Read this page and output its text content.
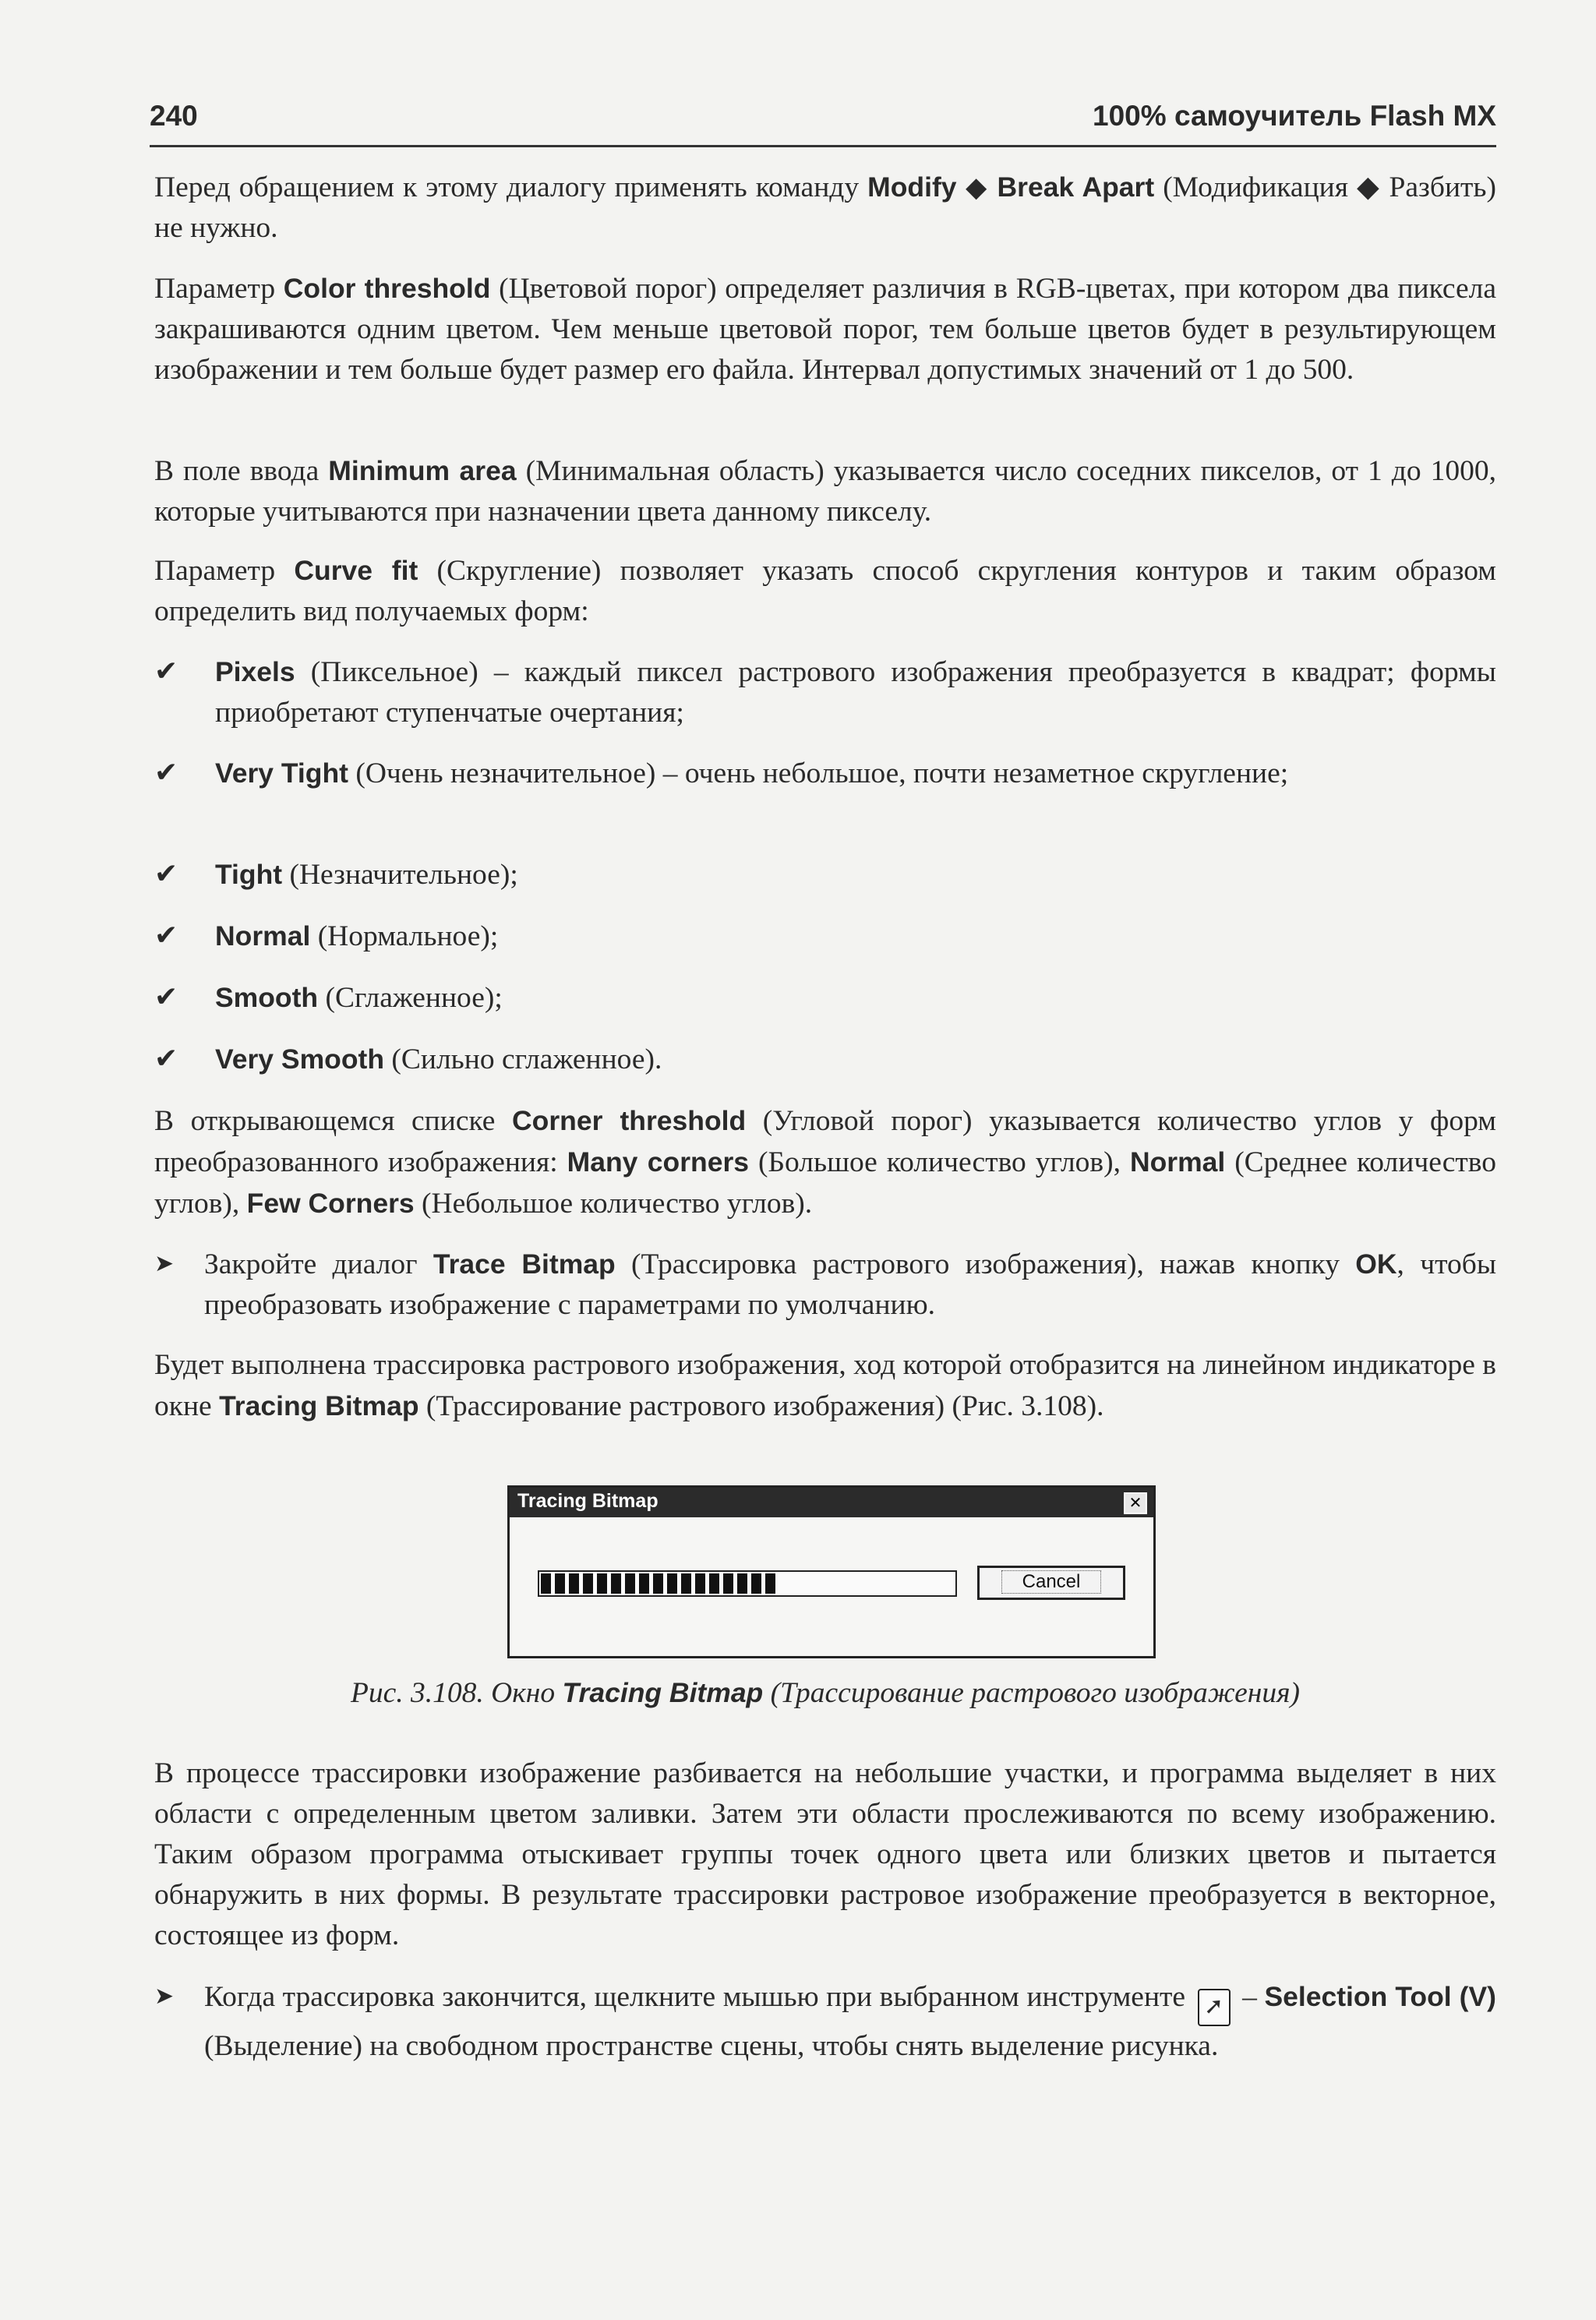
240	100% самоучитель Flash MX

Перед обращением к этому диалогу применять команду Modify ◆ Break Apart (Модификация ◆ Разбить) не нужно.

Параметр Color threshold (Цветовой порог) определяет различия в RGB-цветах, при котором два пиксела закрашиваются одним цветом. Чем меньше цветовой порог, тем больше цветов будет в результирующем изображении и тем больше будет размер его файла. Интервал допустимых значений от 1 до 500.

В поле ввода Minimum area (Минимальная область) указывается число соседних пикселов, от 1 до 1000, которые учитываются при назначении цвета данному пикселу.

Параметр Curve fit (Скругление) позволяет указать способ скругления контуров и таким образом определить вид получаемых форм:

✔	Pixels (Пиксельное) – каждый пиксел растрового изображения преобразуется в квадрат; формы приобретают ступенчатые очертания;
✔	Very Tight (Очень незначительное) – очень небольшое, почти незаметное скругление;
✔	Tight (Незначительное);
✔	Normal (Нормальное);
✔	Smooth (Сглаженное);
✔	Very Smooth (Сильно сглаженное).

В открывающемся списке Corner threshold (Угловой порог) указывается количество углов у форм преобразованного изображения: Many corners (Большое количество углов), Normal (Среднее количество углов), Few Corners (Небольшое количество углов).

➤ Закройте диалог Trace Bitmap (Трассировка растрового изображения), нажав кнопку OK, чтобы преобразовать изображение с параметрами по умолчанию.

Будет выполнена трассировка растрового изображения, ход которой отобразится на линейном индикаторе в окне Tracing Bitmap (Трассирование растрового изображения) (Рис. 3.108).

Tracing Bitmap	✕
Cancel
Рис. 3.108. Окно Tracing Bitmap (Трассирование растрового изображения)

В процессе трассировки изображение разбивается на небольшие участки, и программа выделяет в них области с определенным цветом заливки. Затем эти области прослеживаются по всему изображению. Таким образом программа отыскивает группы точек одного цвета или близких цветов и пытается обнаружить в них формы. В результате трассировки растровое изображение преобразуется в векторное, состоящее из форм.

➤ Когда трассировка закончится, щелкните мышью при выбранном инструменте ➚ – Selection Tool (V) (Выделение) на свободном пространстве сцены, чтобы снять выделение рисунка.
